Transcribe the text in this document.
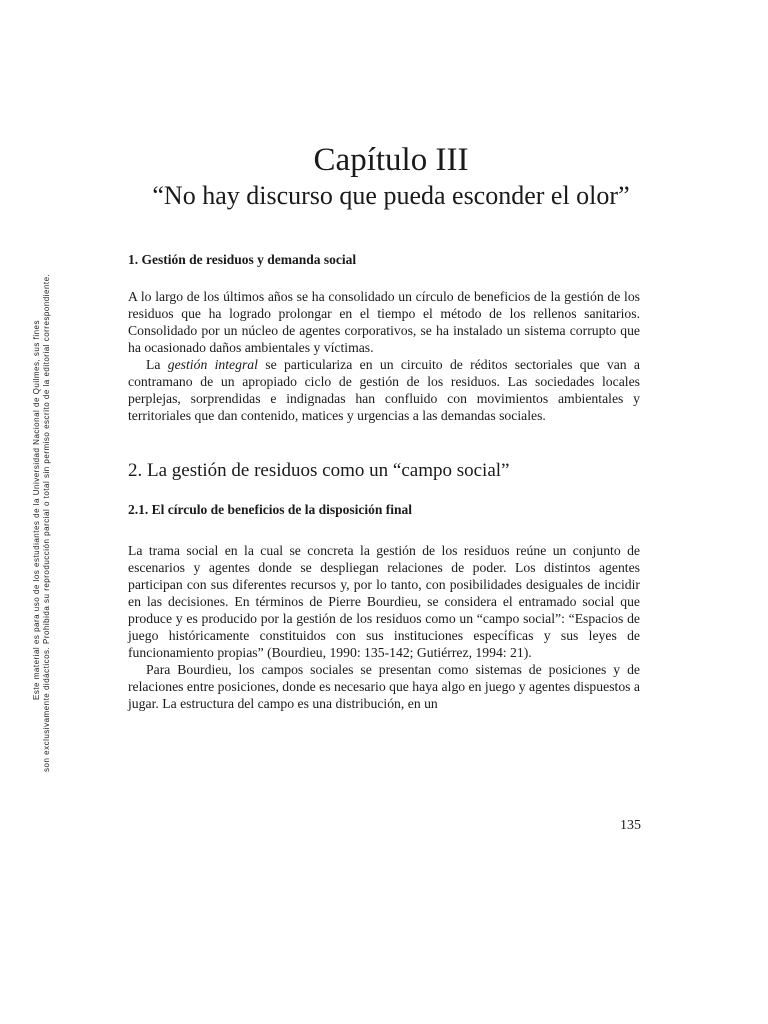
Este material es para uso de los estudiantes de la Universidad Nacional de Quilmes, sus fines son exclusivamente didácticos. Prohibida su reproducción parcial o total sin permiso escrito de la editorial correspondiente.
Capítulo III
“No hay discurso que pueda esconder el olor”
1. Gestión de residuos y demanda social

A lo largo de los últimos años se ha consolidado un círculo de beneficios de la gestión de los residuos que ha logrado prolongar en el tiempo el método de los rellenos sanitarios. Consolidado por un núcleo de agentes corporativos, se ha instalado un sistema corrupto que ha ocasionado daños ambientales y víctimas.

La gestión integral se particulariza en un circuito de réditos sectoriales que van a contramano de un apropiado ciclo de gestión de los residuos. Las sociedades locales perplejas, sorprendidas e indignadas han confluido con movimientos ambientales y territoriales que dan contenido, matices y urgencias a las demandas sociales.

2. La gestión de residuos como un “campo social”
2.1. El círculo de beneficios de la disposición final

La trama social en la cual se concreta la gestión de los residuos reúne un conjunto de escenarios y agentes donde se despliegan relaciones de poder. Los distintos agentes participan con sus diferentes recursos y, por lo tanto, con posibilidades desiguales de incidir en las decisiones. En términos de Pierre Bourdieu, se considera el entramado social que produce y es producido por la gestión de los residuos como un “campo social”: “Espacios de juego históricamente constituidos con sus instituciones específicas y sus leyes de funcionamiento propias” (Bourdieu, 1990: 135-142; Gutiérrez, 1994: 21).

Para Bourdieu, los campos sociales se presentan como sistemas de posiciones y de relaciones entre posiciones, donde es necesario que haya algo en juego y agentes dispuestos a jugar. La estructura del campo es una distribución, en un

135
